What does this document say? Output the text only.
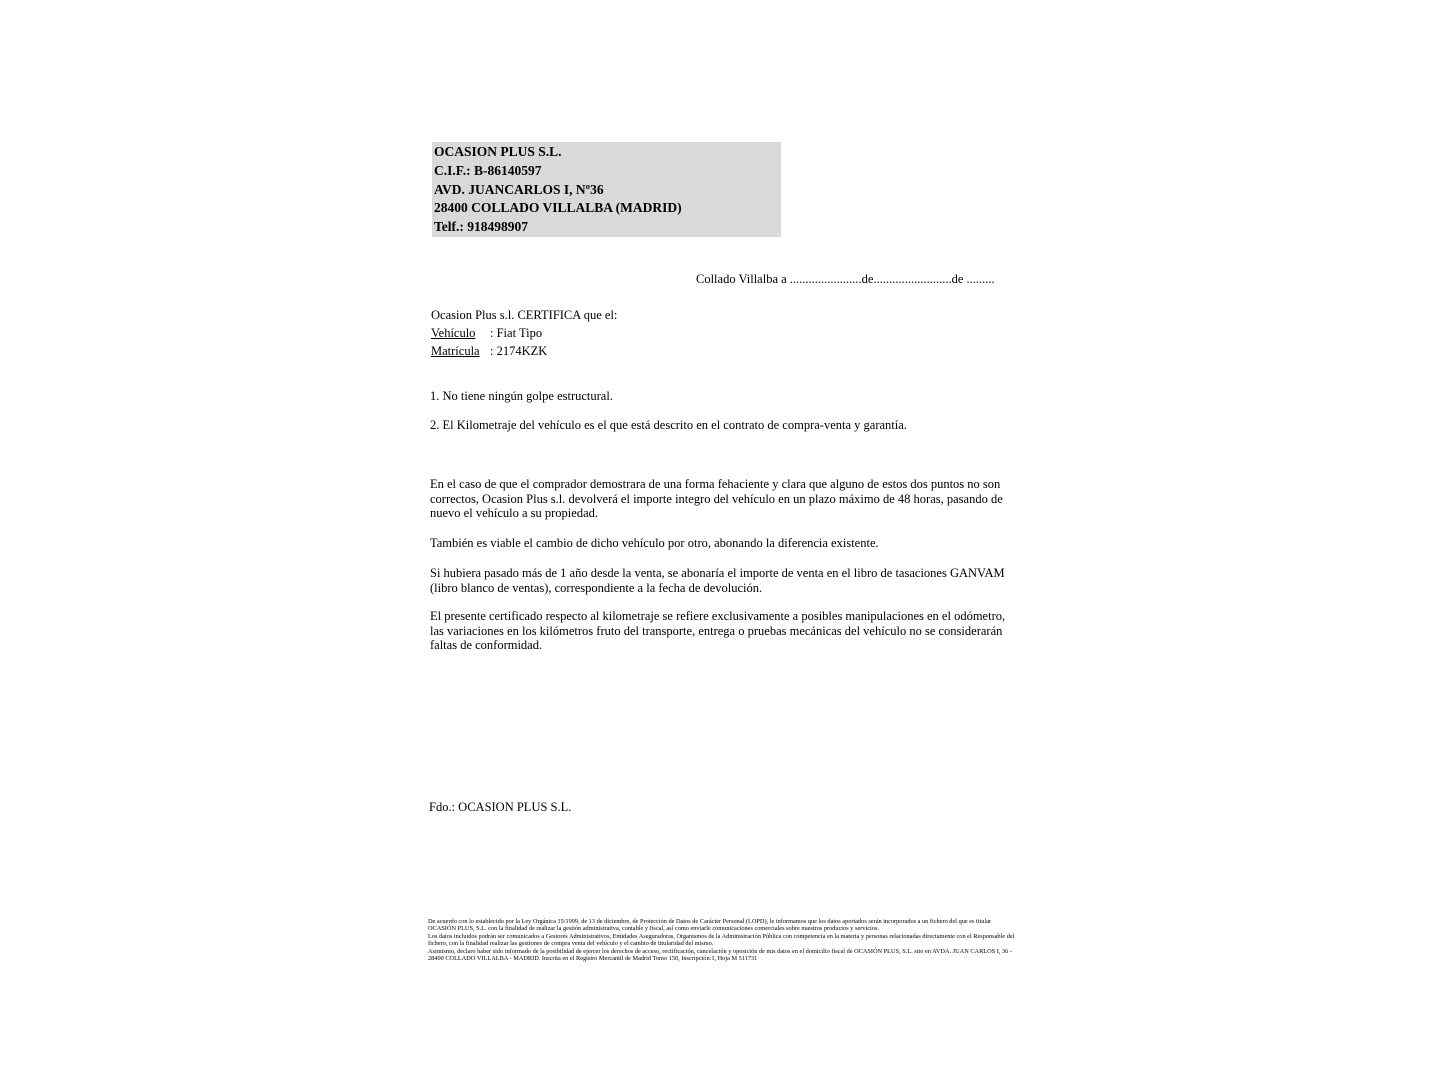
OCASION PLUS S.L.
C.I.F.: B-86140597
AVD. JUANCARLOS I, Nº36
28400 COLLADO VILLALBA (MADRID)
Telf.: 918498907
Collado Villalba a .......................de.........................de .........
Ocasion Plus s.l. CERTIFICA que el:
Vehículo : Fiat Tipo
Matrícula : 2174KZK
1. No tiene ningún golpe estructural.
2. El Kilometraje del vehículo es el que está descrito en el contrato de compra-venta y garantía.
En el caso de que el comprador demostrara de una forma fehaciente y clara que alguno de estos dos puntos no son correctos, Ocasion Plus s.l. devolverá el importe integro del vehículo en un plazo máximo de 48 horas, pasando de nuevo el vehículo a su propiedad.
También es viable el cambio de dicho vehículo por otro, abonando la diferencia existente.
Si hubiera pasado más de 1 año desde la venta, se abonaría el importe de venta en el libro de tasaciones GANVAM (libro blanco de ventas), correspondiente a la fecha de devolución.
El presente certificado respecto al kilometraje se refiere exclusivamente a posibles manipulaciones en el odómetro, las variaciones en los kilómetros fruto del transporte, entrega o pruebas mecánicas del vehículo no se considerarán faltas de conformidad.
Fdo.: OCASION PLUS S.L.

De acuerdo con lo establecido por la Ley Orgánica 15/1999, de 13 de diciembre, de Protección de Datos de Carácter Personal (LOPD), le informamos que los datos aportados serán incorporados a un fichero del que es titular OCASIÓN PLUS, S.L. con la finalidad de realizar la gestión administrativa, contable y fiscal, así como enviarle comunicaciones comerciales sobre nuestros productos y servicios.

Los datos incluidos podrán ser comunicados a Gestores Administrativos, Entidades Aseguradoras, Organismos de la Administración Pública con competencia en la materia y personas relacionadas directamente con el Responsable del fichero, con la finalidad realizar las gestiones de compra venta del vehículo y el cambio de titularidad del mismo.

Asimismo, declaro haber sido informado de la posibilidad de ejercer los derechos de acceso, rectificación, cancelación y oposición de mis datos en el domicilio fiscal de OCASIÓN PLUS, S.L. sito en AVDA. JUAN CARLOS I, 36 - 28400 COLLADO VILLALBA - MADRID. Inscrita en el Registro Mercantil de Madrid Tomo 150, Inscripción:1, Hoja M 511731
